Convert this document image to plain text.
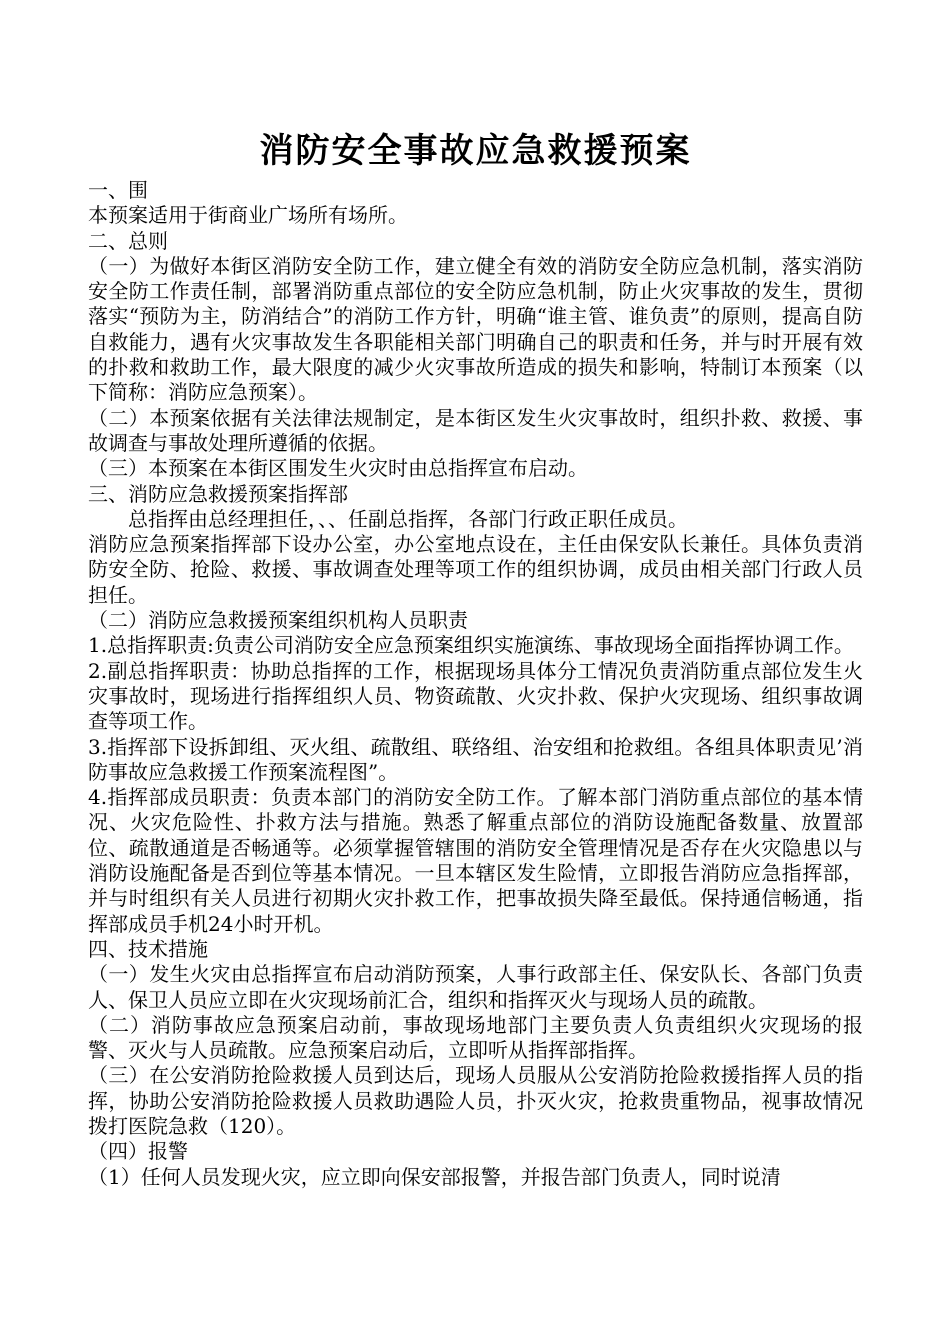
消防安全事故应急救援预案

一、围

本预案适用于街商业广场所有场所。

二、总则

（一）为做好本街区消防安全防工作，建立健全有效的消防安全防应急机制，落实消防安全防工作责任制，部署消防重点部位的安全防应急机制，防止火灾事故的发生，贯彻落实“预防为主，防消结合”的消防工作方针，明确“谁主管、谁负责”的原则，提高自防自救能力，遇有火灾事故发生各职能相关部门明确自己的职责和任务，并与时开展有效的扑救和救助工作，最大限度的减少火灾事故所造成的损失和影响，特制订本预案（以下简称：消防应急预案）。

（二）本预案依据有关法律法规制定，是本街区发生火灾事故时，组织扑救、救援、事故调查与事故处理所遵循的依据。

（三）本预案在本街区围发生火灾时由总指挥宣布启动。

三、消防应急救援预案指挥部

总指挥由总经理担任，、、任副总指挥，各部门行政正职任成员。

消防应急预案指挥部下设办公室，办公室地点设在，主任由保安队长兼任。具体负责消防安全防、抢险、救援、事故调查处理等项工作的组织协调，成员由相关部门行政人员担任。

（二）消防应急救援预案组织机构人员职责

1.总指挥职责:负责公司消防安全应急预案组织实施演练、事故现场全面指挥协调工作。

2.副总指挥职责：协助总指挥的工作，根据现场具体分工情况负责消防重点部位发生火灾事故时，现场进行指挥组织人员、物资疏散、火灾扑救、保护火灾现场、组织事故调查等项工作。

3.指挥部下设拆卸组、灭火组、疏散组、联络组、治安组和抢救组。各组具体职责见’消防事故应急救援工作预案流程图”。

4.指挥部成员职责：负责本部门的消防安全防工作。了解本部门消防重点部位的基本情况、火灾危险性、扑救方法与措施。熟悉了解重点部位的消防设施配备数量、放置部位、疏散通道是否畅通等。必须掌握管辖围的消防安全管理情况是否存在火灾隐患以与消防设施配备是否到位等基本情况。一旦本辖区发生险情，立即报告消防应急指挥部，并与时组织有关人员进行初期火灾扑救工作，把事故损失降至最低。保持通信畅通，指挥部成员手机24小时开机。

四、技术措施

（一）发生火灾由总指挥宣布启动消防预案，人事行政部主任、保安队长、各部门负责人、保卫人员应立即在火灾现场前汇合，组织和指挥灭火与现场人员的疏散。

（二）消防事故应急预案启动前，事故现场地部门主要负责人负责组织火灾现场的报警、灭火与人员疏散。应急预案启动后，立即听从指挥部指挥。

（三）在公安消防抢险救援人员到达后，现场人员服从公安消防抢险救援指挥人员的指挥，协助公安消防抢险救援人员救助遇险人员，扑灭火灾，抢救贵重物品，视事故情况拨打医院急救（120）。

（四）报警

（1）任何人员发现火灾，应立即向保安部报警，并报告部门负责人，同时说清
